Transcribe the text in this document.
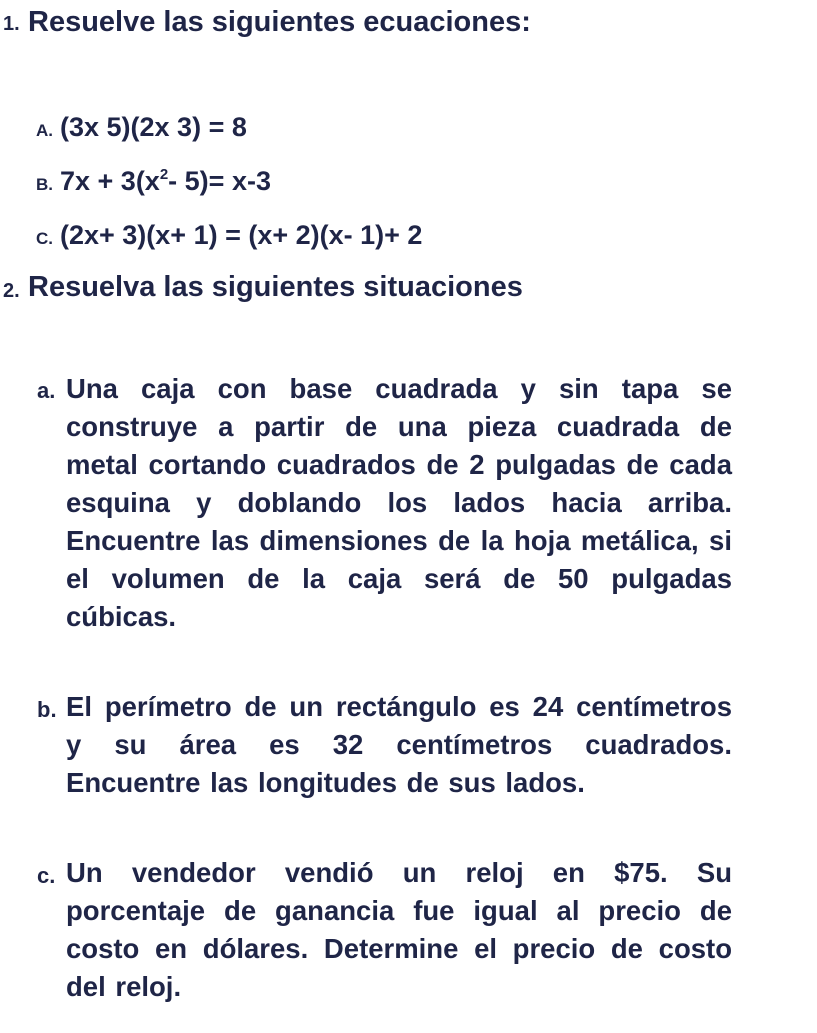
1. Resuelve las siguientes ecuaciones:
A. (3x 5)(2x 3) = 8
B. $7x + 3(x^2-$ 5)= x-3
C. (2x+ 3)(x+ 1) = (x+ 2)(x- 1)+ 2
2. Resuelva las siguientes situaciones
a. Una caja con base cuadrada y sin tapa se construye a partir de una pieza cuadrada de metal cortando cuadrados de 2 pulgadas de cada esquina y doblando los lados hacia arriba. Encuentre las dimensiones de la hoja metálica, si el volumen de la caja será de 50 pulgadas cúbicas.
b. El perímetro de un rectángulo es 24 centímetros y su área es 32 centímetros cuadrados. Encuentre las longitudes de sus lados.
c. Un vendedor vendió un reloj en $75. Su porcentaje de ganancia fue igual al precio de costo en dólares. Determine el precio de costo del reloj.
